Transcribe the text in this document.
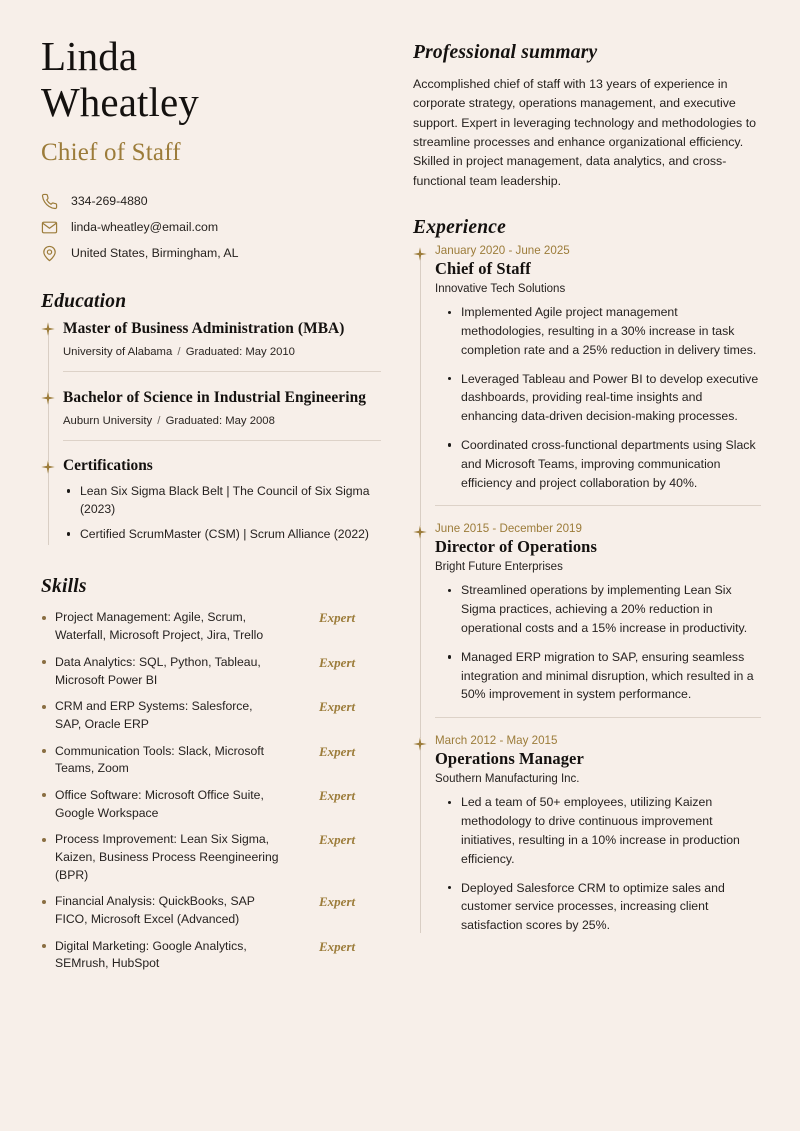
Linda
Wheatley
Chief of Staff
334-269-4880
linda-wheatley@email.com
United States, Birmingham, AL
Education
Master of Business Administration (MBA)
University of Alabama / Graduated: May 2010
Bachelor of Science in Industrial Engineering
Auburn University / Graduated: May 2008
Certifications
Lean Six Sigma Black Belt | The Council of Six Sigma (2023)
Certified ScrumMaster (CSM) | Scrum Alliance (2022)
Skills
Project Management: Agile, Scrum, Waterfall, Microsoft Project, Jira, Trello
Expert
Data Analytics: SQL, Python, Tableau, Microsoft Power BI
Expert
CRM and ERP Systems: Salesforce, SAP, Oracle ERP
Expert
Communication Tools: Slack, Microsoft Teams, Zoom
Expert
Office Software: Microsoft Office Suite, Google Workspace
Expert
Process Improvement: Lean Six Sigma, Kaizen, Business Process Reengineering (BPR)
Expert
Financial Analysis: QuickBooks, SAP FICO, Microsoft Excel (Advanced)
Expert
Digital Marketing: Google Analytics, SEMrush, HubSpot
Expert
Professional summary
Accomplished chief of staff with 13 years of experience in corporate strategy, operations management, and executive support. Expert in leveraging technology and methodologies to streamline processes and enhance organizational efficiency. Skilled in project management, data analytics, and cross-functional team leadership.
Experience
January 2020 - June 2025
Chief of Staff
Innovative Tech Solutions
Implemented Agile project management methodologies, resulting in a 30% increase in task completion rate and a 25% reduction in delivery times.
Leveraged Tableau and Power BI to develop executive dashboards, providing real-time insights and enhancing data-driven decision-making processes.
Coordinated cross-functional departments using Slack and Microsoft Teams, improving communication efficiency and project collaboration by 40%.
June 2015 - December 2019
Director of Operations
Bright Future Enterprises
Streamlined operations by implementing Lean Six Sigma practices, achieving a 20% reduction in operational costs and a 15% increase in productivity.
Managed ERP migration to SAP, ensuring seamless integration and minimal disruption, which resulted in a 50% improvement in system performance.
March 2012 - May 2015
Operations Manager
Southern Manufacturing Inc.
Led a team of 50+ employees, utilizing Kaizen methodology to drive continuous improvement initiatives, resulting in a 10% increase in production efficiency.
Deployed Salesforce CRM to optimize sales and customer service processes, increasing client satisfaction scores by 25%.
